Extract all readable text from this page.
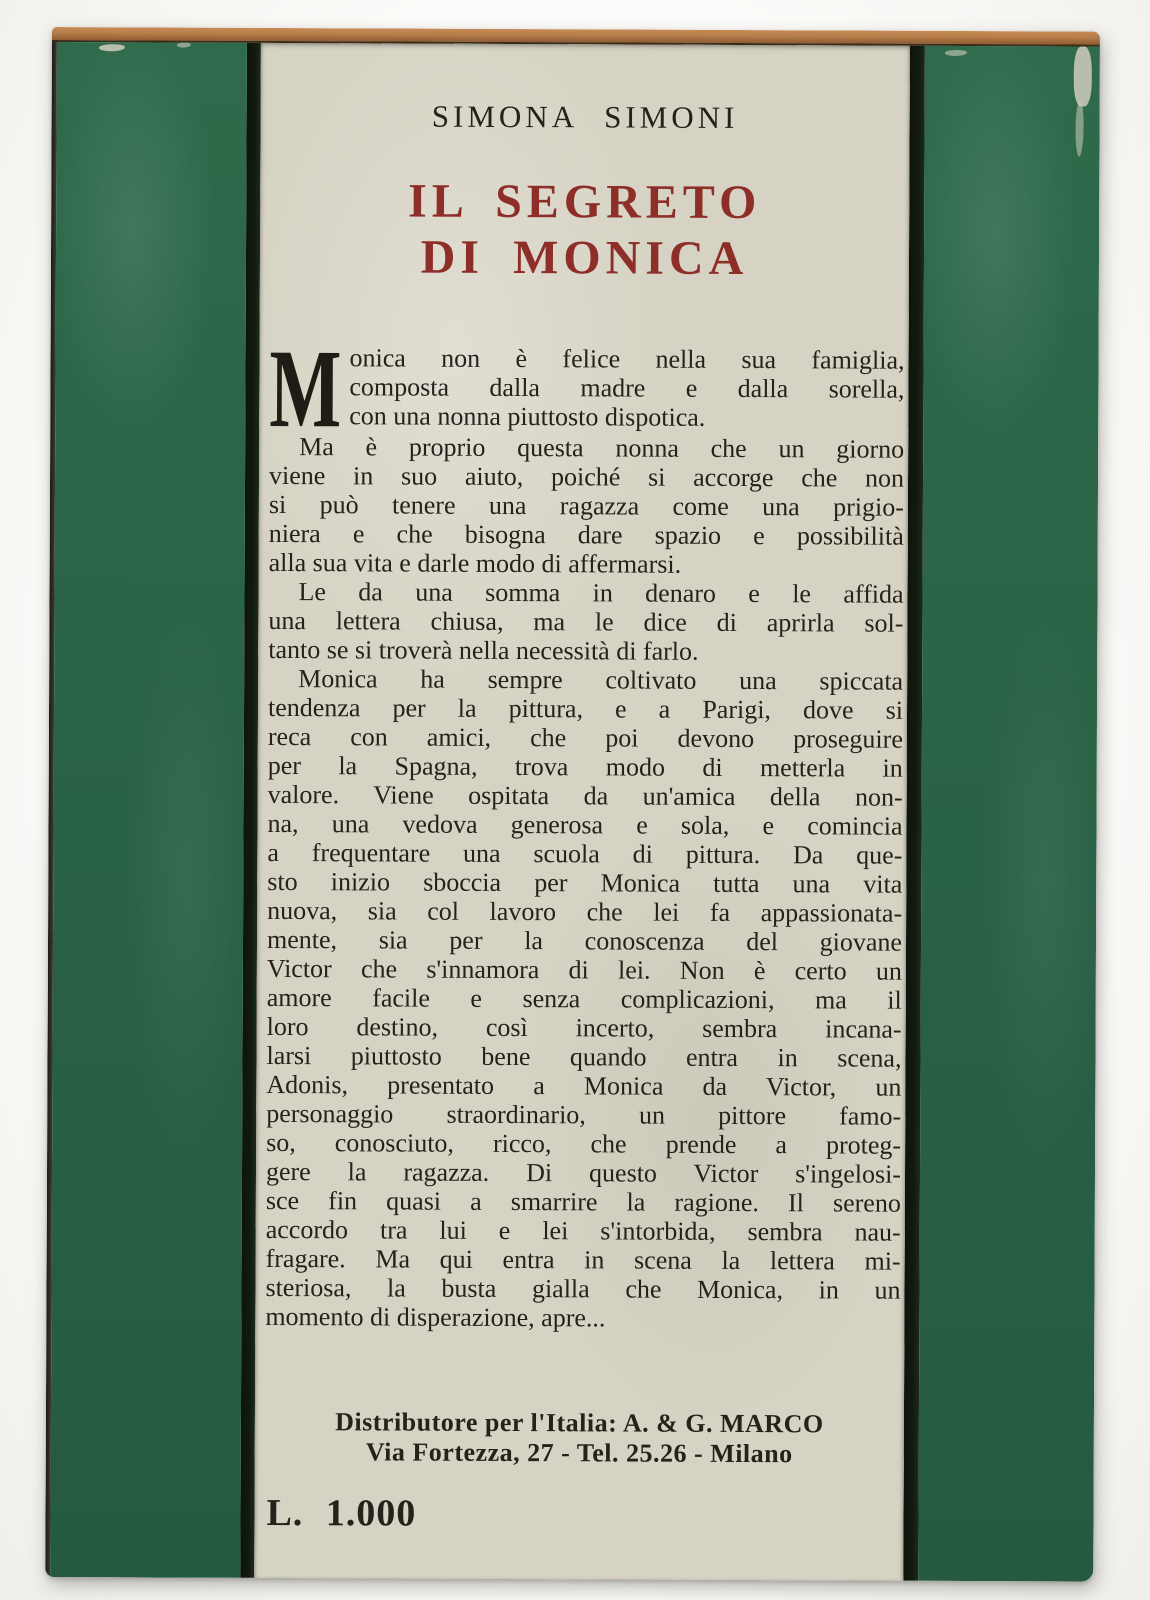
SIMONA SIMONI
IL SEGRETO
DI MONICA
M onica non è felice nella sua famiglia,
composta dalla madre e dalla sorella,
con una nonna piuttosto dispotica.
Ma è proprio questa nonna che un giorno
viene in suo aiuto, poiché si accorge che non
si può tenere una ragazza come una prigio-
niera e che bisogna dare spazio e possibilità
alla sua vita e darle modo di affermarsi.
Le da una somma in denaro e le affida
una lettera chiusa, ma le dice di aprirla sol-
tanto se si troverà nella necessità di farlo.
Monica ha sempre coltivato una spiccata
tendenza per la pittura, e a Parigi, dove si
reca con amici, che poi devono proseguire
per la Spagna, trova modo di metterla in
valore. Viene ospitata da un'amica della non-
na, una vedova generosa e sola, e comincia
a frequentare una scuola di pittura. Da que-
sto inizio sboccia per Monica tutta una vita
nuova, sia col lavoro che lei fa appassionata-
mente, sia per la conoscenza del giovane
Victor che s'innamora di lei. Non è certo un
amore facile e senza complicazioni, ma il
loro destino, così incerto, sembra incana-
larsi piuttosto bene quando entra in scena,
Adonis, presentato a Monica da Victor, un
personaggio straordinario, un pittore famo-
so, conosciuto, ricco, che prende a proteg-
gere la ragazza. Di questo Victor s'ingelosi-
sce fin quasi a smarrire la ragione. Il sereno
accordo tra lui e lei s'intorbida, sembra nau-
fragare. Ma qui entra in scena la lettera mi-
steriosa, la busta gialla che Monica, in un
momento di disperazione, apre...
Distributore per l'Italia: A. & G. MARCO
Via Fortezza, 27 - Tel. 25.26 - Milano
L. 1.000
